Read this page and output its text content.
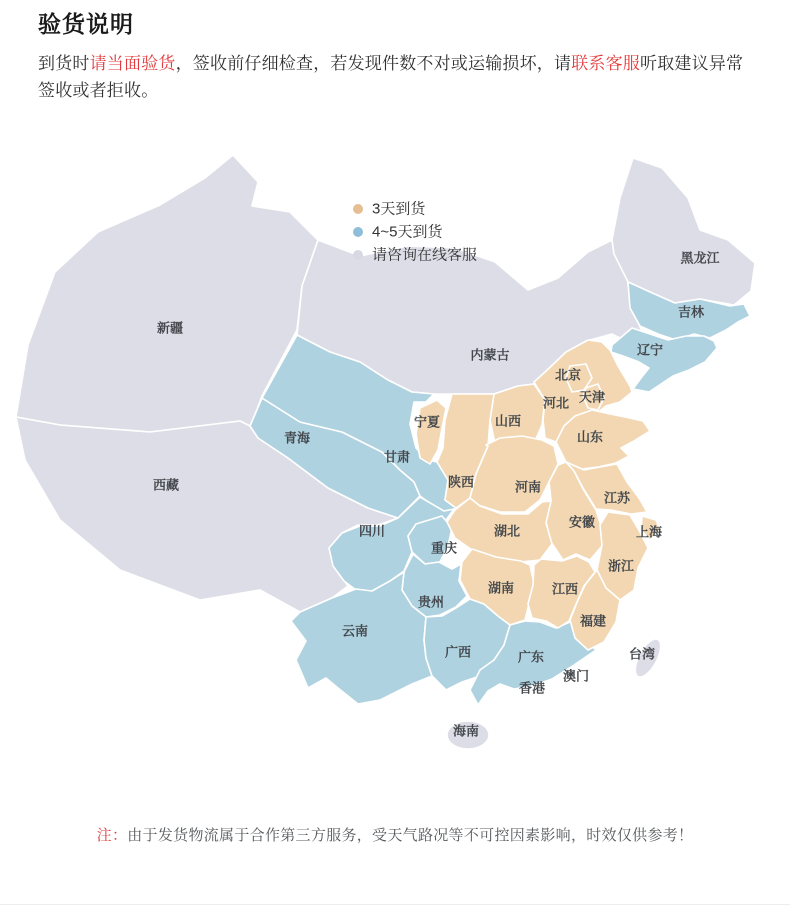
验货说明

到货时请当面验货，签收前仔细检查，若发现件数不对或运输损坏，请联系客服听取建议异常签收或者拒收。

新疆
西藏
内蒙古
黑龙江
青海
甘肃
四川
吉林
辽宁
重庆
贵州
云南
广西	广东
山西
河北
北京
天津
山东
宁夏
陕西	河南
江苏
安徽
上海
湖北
浙江
湖南	江西
福建
台湾
澳门
香港
海南
3天到货
4~5天到货
请咨询在线客服

注：由于发货物流属于合作第三方服务，受天气路况等不可控因素影响，时效仅供参考！
